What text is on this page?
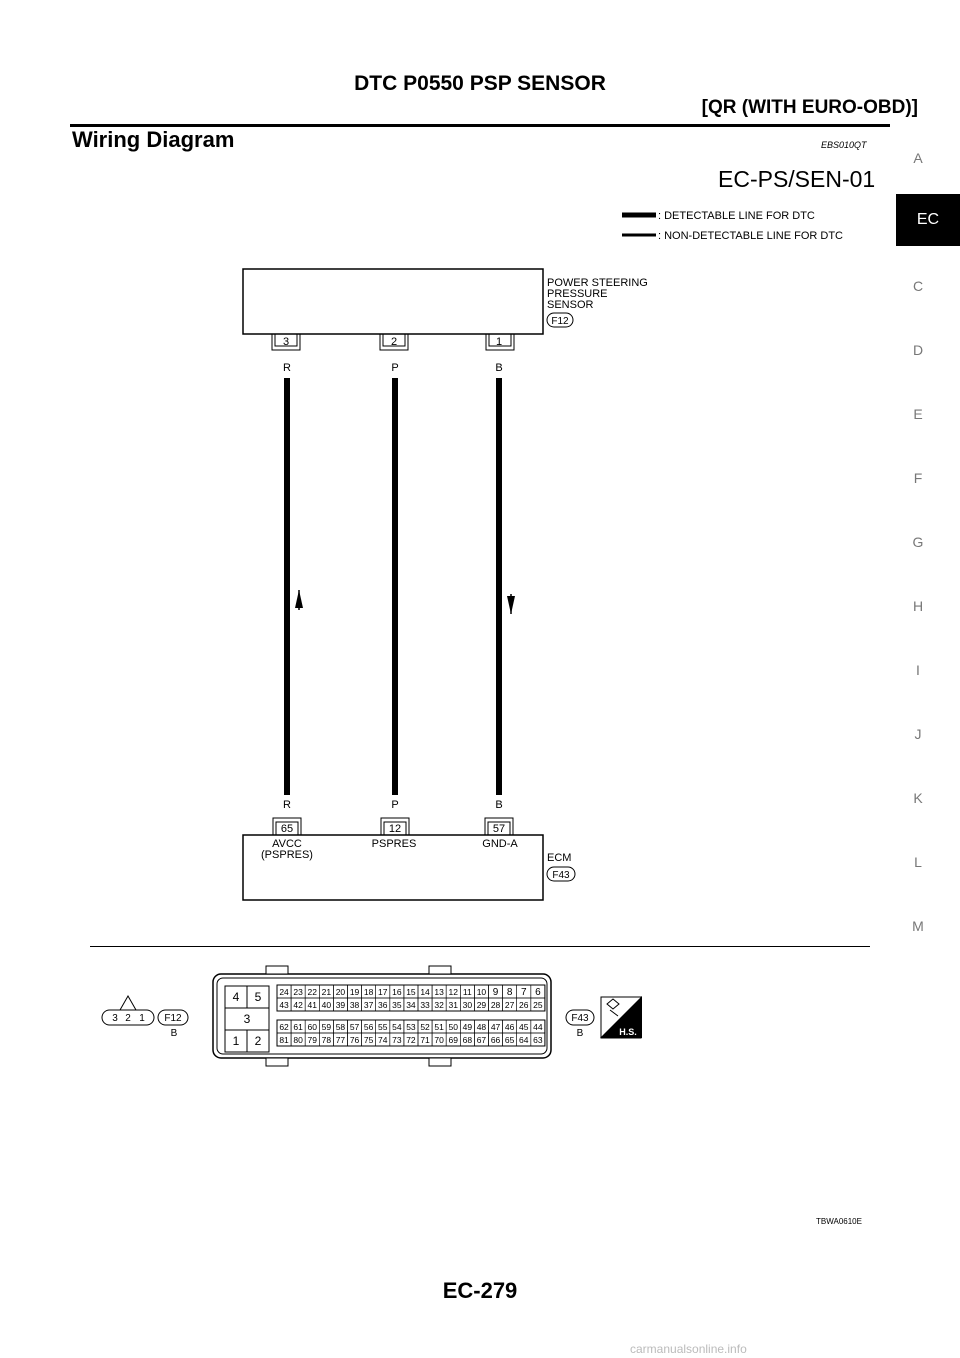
DTC P0550 PSP SENSOR
[QR (WITH EURO-OBD)]
Wiring Diagram	EBS010QT
EC-PS/SEN-01
A
EC
C
D
E
F
G
H
I
J
K
L
M
: DETECTABLE LINE FOR DTC
: NON-DETECTABLE LINE FOR DTC
POWER STEERING
PRESSURE
SENSOR
F12
3	2	1
R	P	B
R	P	B
65	12	57
AVCC
(PSPRES)
PSPRES	GND-A
ECM
F43
3 2 1 F12
B
4 5
3
1 2
24 23 22 21 20 19 18 17 16 15 14 13 12 11 10 9 8 7 6
43 42 41 40 39 38 37 36 35 34 33 32 31 30 29 28 27 26 25
62 61 60 59 58 57 56 55 54 53 52 51 50 49 48 47 46 45 44
81 80 79 78 77 76 75 74 73 72 71 70 69 68 67 66 65 64 63
F43
B	H.S.
TBWA0610E
EC-279
carmanualsonline.info
